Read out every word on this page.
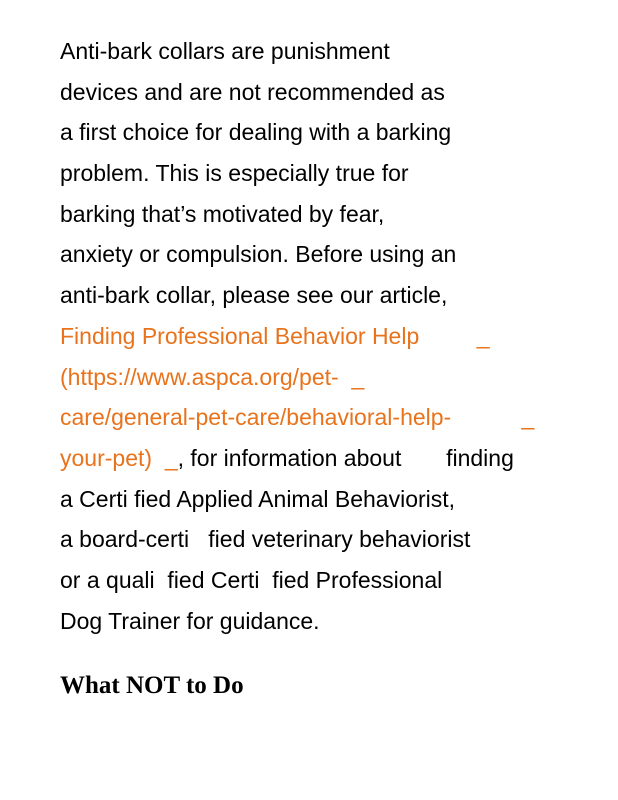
Anti-bark collars are punishment
devices and are not recommended as
a ﬁrst choice for dealing with a barking
problem. This is especially true for
barking that’s motivated by fear,
anxiety or compulsion. Before using an
anti-bark collar, please see our article,
Finding Professional Behavior Help	_
(https://www.aspca.org/pet- _
care/general-pet-care/behavioral-help-	_
your-pet) _, for information about ﬁnding
a Certi ﬁed Applied Animal Behaviorist,
a board-certi   ﬁed veterinary behaviorist
or a quali  ﬁed Certi  ﬁed Professional
Dog Trainer for guidance.
What NOT to Do
